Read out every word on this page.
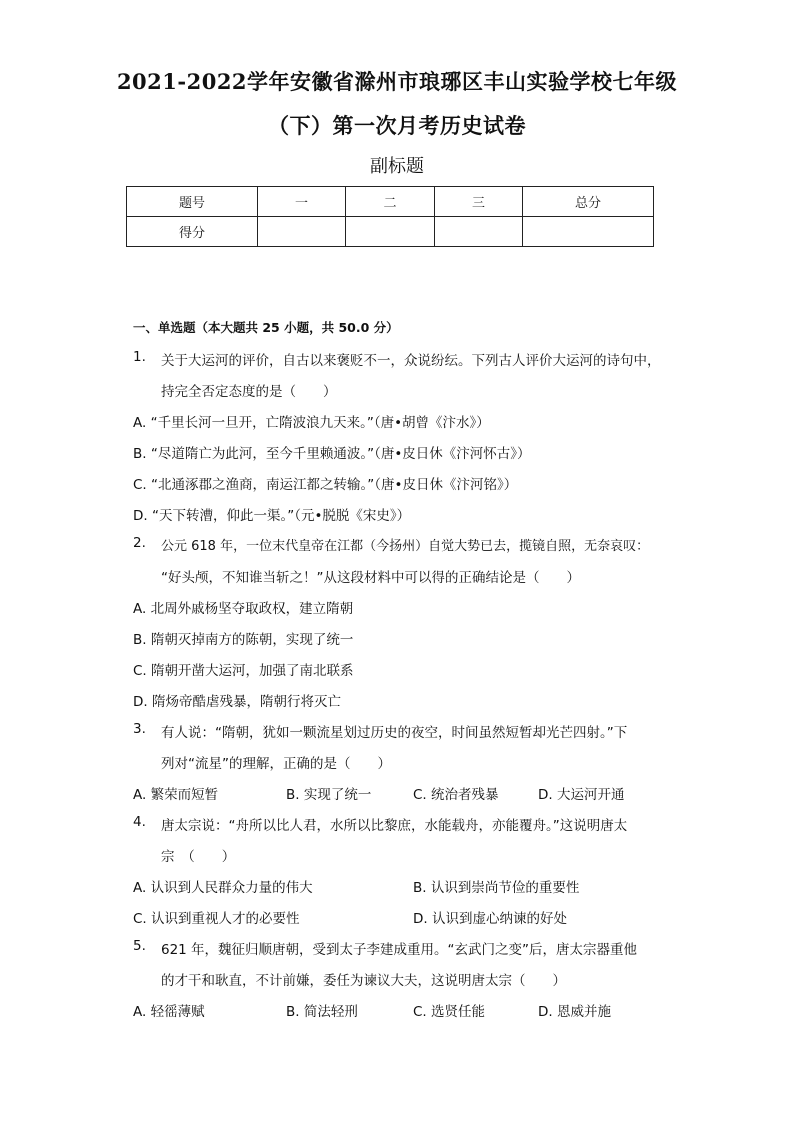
2021-2022学年安徽省滁州市琅琊区丰山实验学校七年级
（下）第一次月考历史试卷
副标题
题号	一	二	三	总分
得分				
一、单选题（本大题共 25 小题，共 50.0 分）
1. 关于大运河的评价，自古以来褒贬不一，众说纷纭。下列古人评价大运河的诗句中，
持完全否定态度的是（　　）
A. “千里长河一旦开，亡隋波浪九天来。”（唐•胡曾《汴水》）
B. “尽道隋亡为此河，至今千里赖通波。”（唐•皮日休《汴河怀古》）
C. “北通涿郡之渔商，南运江都之转输。”（唐•皮日休《汴河铭》）
D. “天下转漕，仰此一渠。”（元•脱脱《宋史》）
2. 公元 618 年，一位末代皇帝在江都（今扬州）自觉大势已去，揽镜自照，无奈哀叹：
“好头颅，不知谁当斩之！”从这段材料中可以得的正确结论是（　　）
A. 北周外戚杨坚夺取政权，建立隋朝
B. 隋朝灭掉南方的陈朝，实现了统一
C. 隋朝开凿大运河，加强了南北联系
D. 隋炀帝酷虐残暴，隋朝行将灭亡
3. 有人说：“隋朝，犹如一颗流星划过历史的夜空，时间虽然短暂却光芒四射。”下
列对“流星”的理解，正确的是（　　）
A. 繁荣而短暂	B. 实现了统一	C. 统治者残暴	D. 大运河开通
4. 唐太宗说：“舟所以比人君，水所以比黎庶，水能载舟，亦能覆舟。”这说明唐太
宗　（　　）
A. 认识到人民群众力量的伟大	B. 认识到崇尚节俭的重要性
C. 认识到重视人才的必要性	D. 认识到虚心纳谏的好处
5. 621 年，魏征归顺唐朝，受到太子李建成重用。“玄武门之变”后，唐太宗器重他
的才干和耿直，不计前嫌，委任为谏议大夫，这说明唐太宗（　　）
A. 轻徭薄赋	B. 简法轻刑	C. 选贤任能	D. 恩威并施
